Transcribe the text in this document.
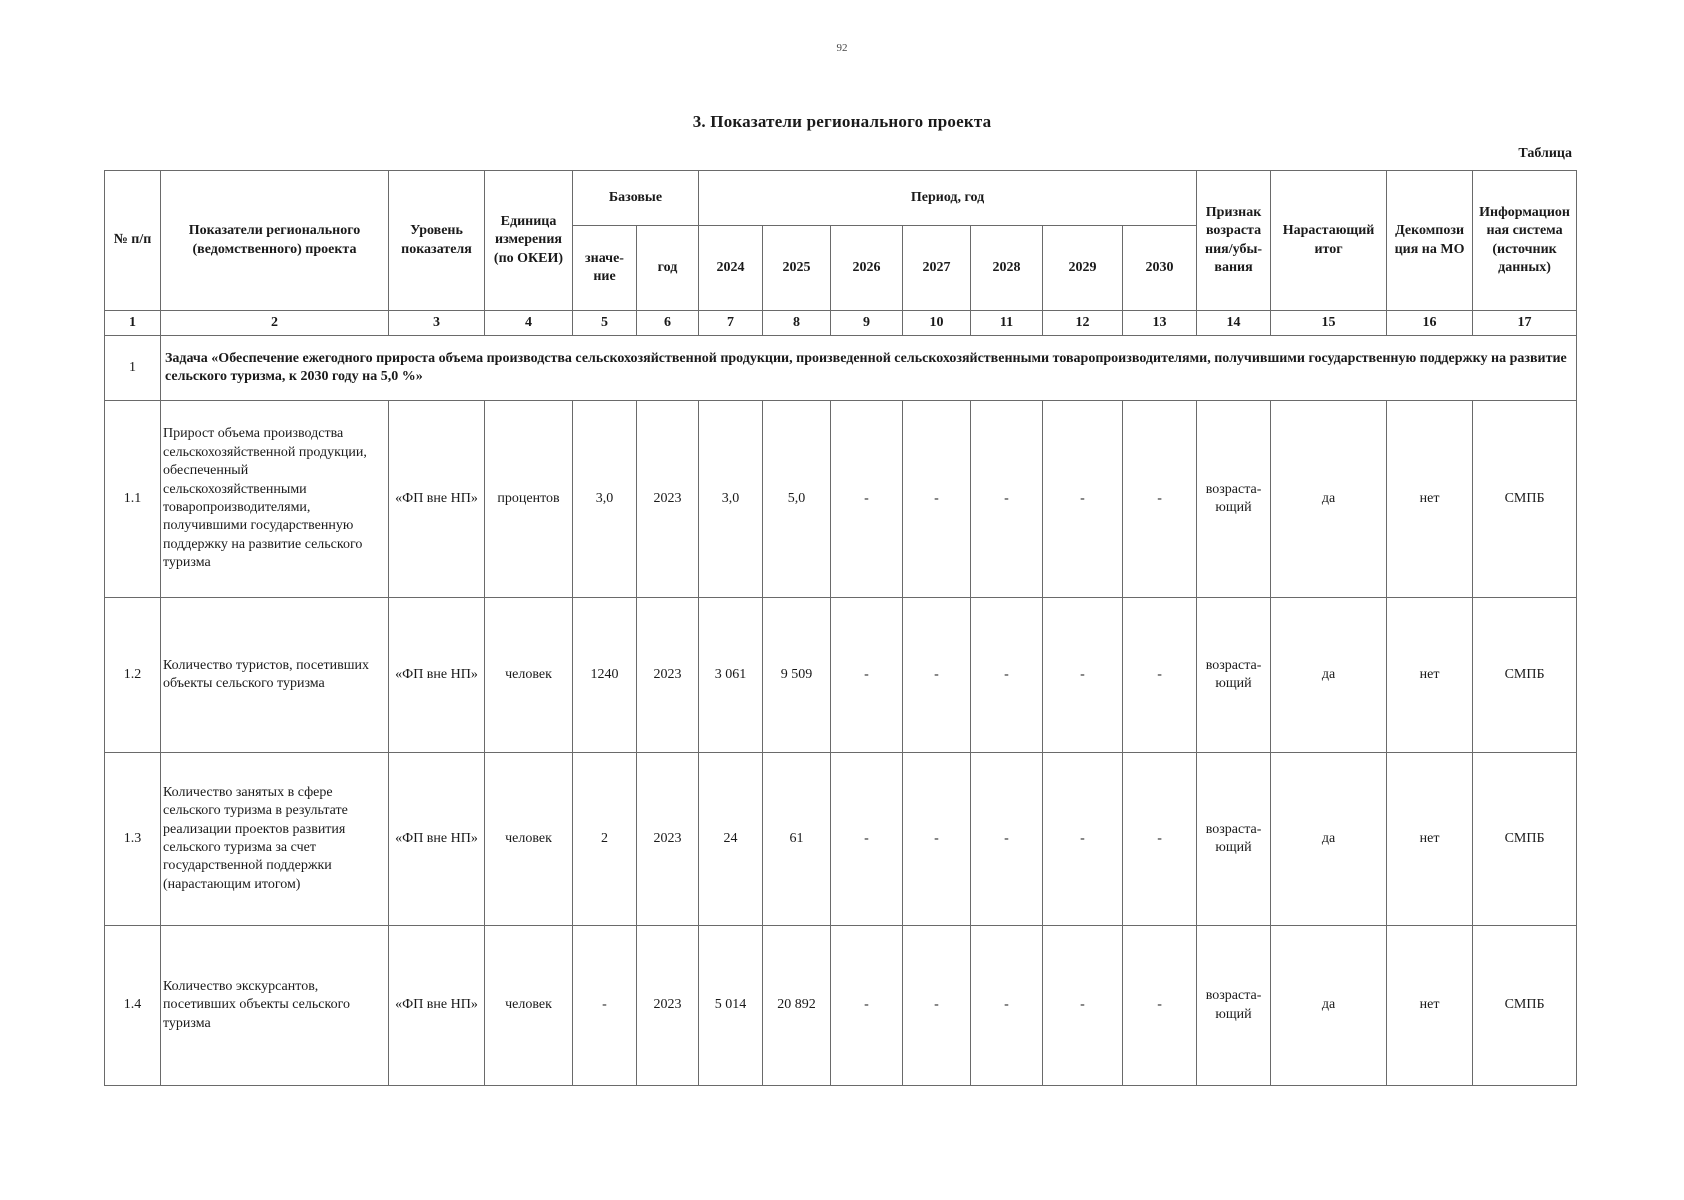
92
3. Показатели регионального проекта
Таблица
№ п/п	Показатели регионального (ведомственного) проекта	Уровень показателя	Единица измерения (по ОКЕИ)	Базовые		Период, год							Признак возраста ния/убы-вания	Нарастающий итог	Декомпози ция на МО	Информацион ная система (источник данных)
				значе-ние	год	2024	2025	2026	2027	2028	2029	2030				
1	2	3	4	5	6	7	8	9	10	11	12	13	14	15	16	17
1	Задача «Обеспечение ежегодного прироста объема производства сельскохозяйственной продукции, произведенной сельскохозяйственными товаропроизводителями, получившими государственную поддержку на развитие сельского туризма, к 2030 году на 5,0 %»															
1.1	Прирост объема производства сельскохозяйственной продукции, обеспеченный сельскохозяйственными товаропроизводителями, получившими государственную поддержку на развитие сельского туризма	«ФП вне НП»	процентов	3,0	2023	3,0	5,0	-	-	-	-	-	возраста-ющий	да	нет	СМПБ
1.2	Количество туристов, посетивших объекты сельского туризма	«ФП вне НП»	человек	1240	2023	3 061	9 509	-	-	-	-	-	возраста-ющий	да	нет	СМПБ
1.3	Количество занятых в сфере сельского туризма в результате реализации проектов развития сельского туризма за счет государственной поддержки (нарастающим итогом)	«ФП вне НП»	человек	2	2023	24	61	-	-	-	-	-	возраста-ющий	да	нет	СМПБ
1.4	Количество экскурсантов, посетивших объекты сельского туризма	«ФП вне НП»	человек	-	2023	5 014	20 892	-	-	-	-	-	возраста-ющий	да	нет	СМПБ
